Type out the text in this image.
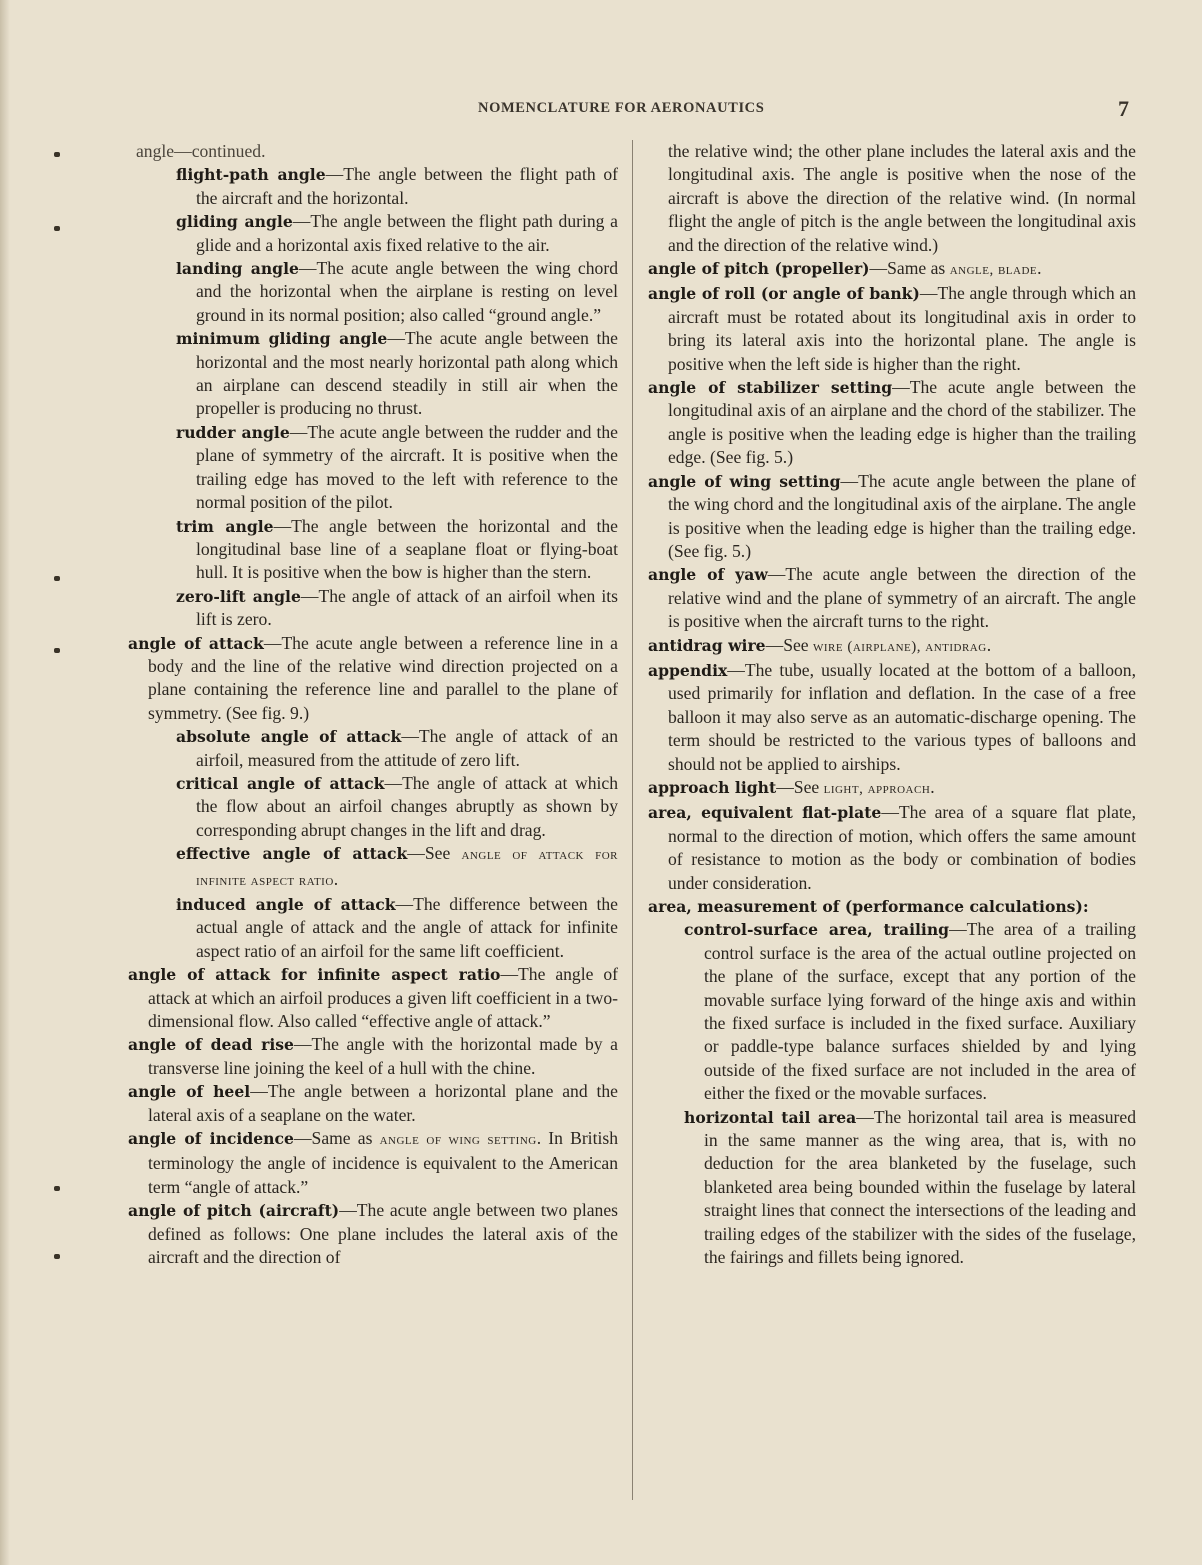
NOMENCLATURE FOR AERONAUTICS	7

angle—continued.

flight-path angle—The angle between the flight path of the aircraft and the horizontal.

gliding angle—The angle between the flight path during a glide and a horizontal axis fixed relative to the air.

landing angle—The acute angle between the wing chord and the horizontal when the airplane is resting on level ground in its normal position; also called “ground angle.”

minimum gliding angle—The acute angle between the horizontal and the most nearly horizontal path along which an airplane can descend steadily in still air when the propeller is producing no thrust.

rudder angle—The acute angle between the rudder and the plane of symmetry of the aircraft. It is positive when the trailing edge has moved to the left with reference to the normal position of the pilot.

trim angle—The angle between the horizontal and the longitudinal base line of a seaplane float or flying-boat hull. It is positive when the bow is higher than the stern.

zero-lift angle—The angle of attack of an airfoil when its lift is zero.

angle of attack—The acute angle between a reference line in a body and the line of the relative wind direction projected on a plane containing the reference line and parallel to the plane of symmetry. (See fig. 9.)

absolute angle of attack—The angle of attack of an airfoil, measured from the attitude of zero lift.

critical angle of attack—The angle of attack at which the flow about an airfoil changes abruptly as shown by corresponding abrupt changes in the lift and drag.

effective angle of attack—See angle of attack for infinite aspect ratio.

induced angle of attack—The difference between the actual angle of attack and the angle of attack for infinite aspect ratio of an airfoil for the same lift coefficient.

angle of attack for infinite aspect ratio—The angle of attack at which an airfoil produces a given lift coefficient in a two-dimensional flow. Also called “effective angle of attack.”

angle of dead rise—The angle with the horizontal made by a transverse line joining the keel of a hull with the chine.

angle of heel—The angle between a horizontal plane and the lateral axis of a seaplane on the water.

angle of incidence—Same as angle of wing setting. In British terminology the angle of incidence is equivalent to the American term “angle of attack.”

angle of pitch (aircraft)—The acute angle between two planes defined as follows: One plane includes the lateral axis of the aircraft and the direction of

the relative wind; the other plane includes the lateral axis and the longitudinal axis. The angle is positive when the nose of the aircraft is above the direction of the relative wind. (In normal flight the angle of pitch is the angle between the longitudinal axis and the direction of the relative wind.)

angle of pitch (propeller)—Same as angle, blade.

angle of roll (or angle of bank)—The angle through which an aircraft must be rotated about its longitudinal axis in order to bring its lateral axis into the horizontal plane. The angle is positive when the left side is higher than the right.

angle of stabilizer setting—The acute angle between the longitudinal axis of an airplane and the chord of the stabilizer. The angle is positive when the leading edge is higher than the trailing edge. (See fig. 5.)

angle of wing setting—The acute angle between the plane of the wing chord and the longitudinal axis of the airplane. The angle is positive when the leading edge is higher than the trailing edge. (See fig. 5.)

angle of yaw—The acute angle between the direction of the relative wind and the plane of symmetry of an aircraft. The angle is positive when the aircraft turns to the right.

antidrag wire—See wire (airplane), antidrag.

appendix—The tube, usually located at the bottom of a balloon, used primarily for inflation and deflation. In the case of a free balloon it may also serve as an automatic-discharge opening. The term should be restricted to the various types of balloons and should not be applied to airships.

approach light—See light, approach.

area, equivalent flat-plate—The area of a square flat plate, normal to the direction of motion, which offers the same amount of resistance to motion as the body or combination of bodies under consideration.

area, measurement of (performance calculations):

control-surface area, trailing—The area of a trailing control surface is the area of the actual outline projected on the plane of the surface, except that any portion of the movable surface lying forward of the hinge axis and within the fixed surface is included in the fixed surface. Auxiliary or paddle-type balance surfaces shielded by and lying outside of the fixed surface are not included in the area of either the fixed or the movable surfaces.

horizontal tail area—The horizontal tail area is measured in the same manner as the wing area, that is, with no deduction for the area blanketed by the fuselage, such blanketed area being bounded within the fuselage by lateral straight lines that connect the intersections of the leading and trailing edges of the stabilizer with the sides of the fuselage, the fairings and fillets being ignored.
